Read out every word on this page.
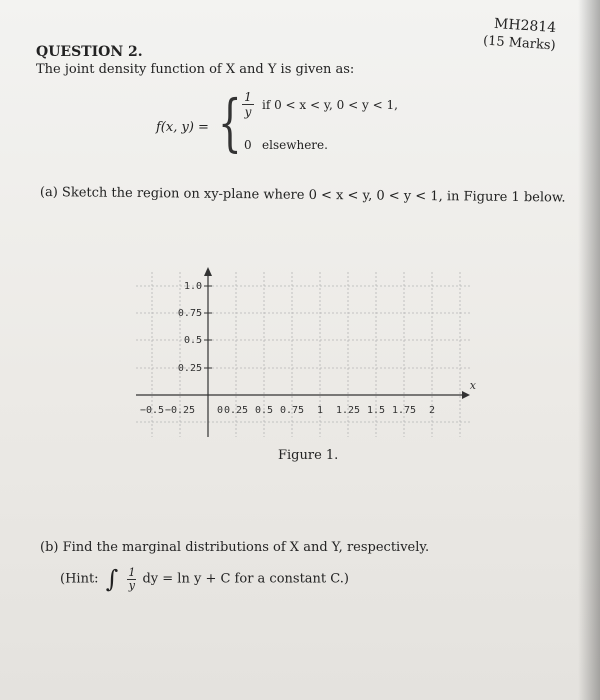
MH2814
(15 Marks)
QUESTION 2.
The joint density function of X and Y is given as:
f(x, y) = { $\frac{1}{y}$ if 0 < x < y, 0 < y < 1,
0 elsewhere.
(a) Sketch the region on xy-plane where 0 < x < y, 0 < y < 1, in Figure 1 below.
1.0
0.75
0.5
0.25
x
−0.5 −0.25 0 0.25 0.5 0.75 1 1.25 1.5 1.75 2
Figure 1.
(b) Find the marginal distributions of X and Y, respectively.
(Hint: ∫ $\frac{1}{y}$ dy = ln y + C for a constant C.)
